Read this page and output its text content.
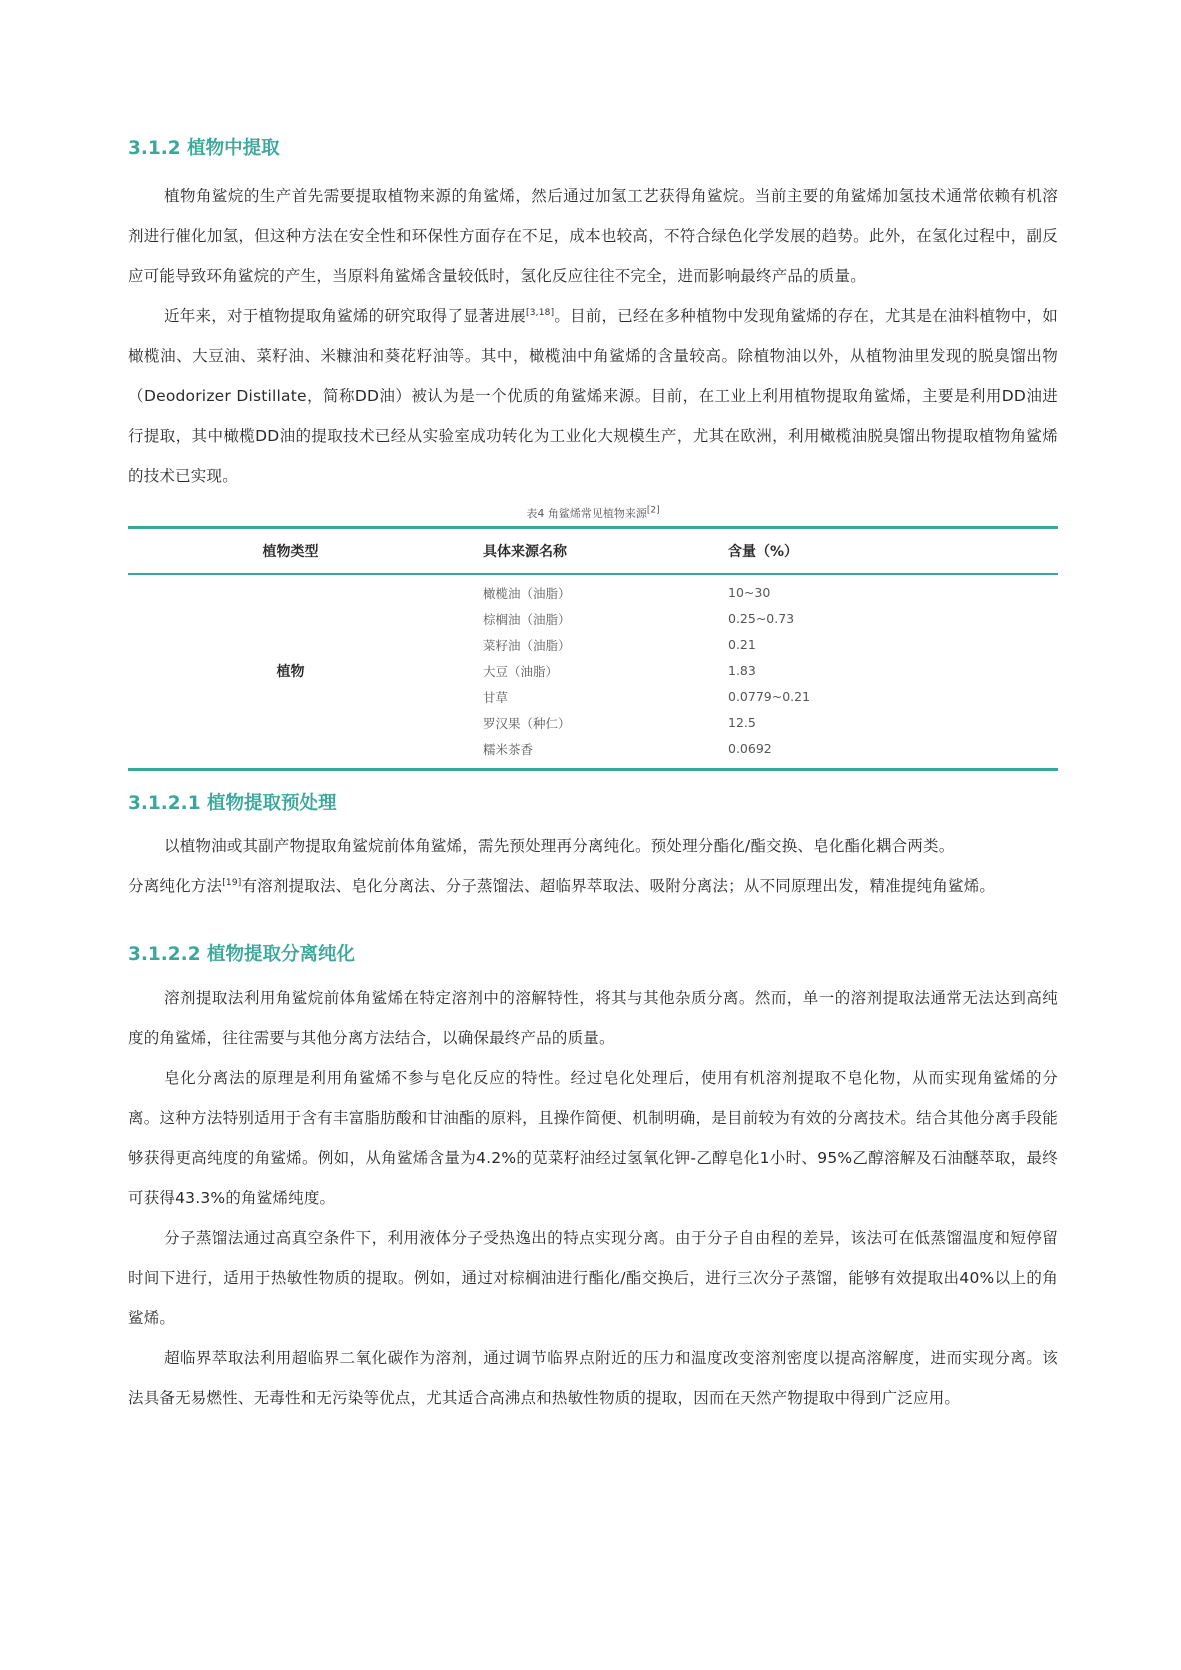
3.1.2 植物中提取

植物角鲨烷的生产首先需要提取植物来源的角鲨烯，然后通过加氢工艺获得角鲨烷。当前主要的角鲨烯加氢技术通常依赖有机溶剂进行催化加氢，但这种方法在安全性和环保性方面存在不足，成本也较高，不符合绿色化学发展的趋势。此外，在氢化过程中，副反应可能导致环角鲨烷的产生，当原料角鲨烯含量较低时，氢化反应往往不完全，进而影响最终产品的质量。

近年来，对于植物提取角鲨烯的研究取得了显著进展[3,18]。目前，已经在多种植物中发现角鲨烯的存在，尤其是在油料植物中，如橄榄油、大豆油、菜籽油、米糠油和葵花籽油等。其中，橄榄油中角鲨烯的含量较高。除植物油以外，从植物油里发现的脱臭馏出物（Deodorizer Distillate，简称DD油）被认为是一个优质的角鲨烯来源。目前，在工业上利用植物提取角鲨烯，主要是利用DD油进行提取，其中橄榄DD油的提取技术已经从实验室成功转化为工业化大规模生产，尤其在欧洲，利用橄榄油脱臭馏出物提取植物角鲨烯的技术已实现。

表4 角鲨烯常见植物来源[2]
植物类型	具体来源名称	含量（%）

植物	橄榄油（油脂）	10~30
	棕榈油（油脂）	0.25~0.73
	菜籽油（油脂）	0.21
	大豆（油脂）	1.83
	甘草	0.0779~0.21
	罗汉果（种仁）	12.5
	糯米茶香	0.0692

3.1.2.1 植物提取预处理

以植物油或其副产物提取角鲨烷前体角鲨烯，需先预处理再分离纯化。预处理分酯化/酯交换、皂化酯化耦合两类。

分离纯化方法[19]有溶剂提取法、皂化分离法、分子蒸馏法、超临界萃取法、吸附分离法；从不同原理出发，精准提纯角鲨烯。

3.1.2.2 植物提取分离纯化

溶剂提取法利用角鲨烷前体角鲨烯在特定溶剂中的溶解特性，将其与其他杂质分离。然而，单一的溶剂提取法通常无法达到高纯度的角鲨烯，往往需要与其他分离方法结合，以确保最终产品的质量。

皂化分离法的原理是利用角鲨烯不参与皂化反应的特性。经过皂化处理后，使用有机溶剂提取不皂化物，从而实现角鲨烯的分离。这种方法特别适用于含有丰富脂肪酸和甘油酯的原料，且操作简便、机制明确，是目前较为有效的分离技术。结合其他分离手段能够获得更高纯度的角鲨烯。例如，从角鲨烯含量为4.2%的苋菜籽油经过氢氧化钾-乙醇皂化1小时、95%乙醇溶解及石油醚萃取，最终可获得43.3%的角鲨烯纯度。

分子蒸馏法通过高真空条件下，利用液体分子受热逸出的特点实现分离。由于分子自由程的差异，该法可在低蒸馏温度和短停留时间下进行，适用于热敏性物质的提取。例如，通过对棕榈油进行酯化/酯交换后，进行三次分子蒸馏，能够有效提取出40%以上的角鲨烯。

超临界萃取法利用超临界二氧化碳作为溶剂，通过调节临界点附近的压力和温度改变溶剂密度以提高溶解度，进而实现分离。该法具备无易燃性、无毒性和无污染等优点，尤其适合高沸点和热敏性物质的提取，因而在天然产物提取中得到广泛应用。
